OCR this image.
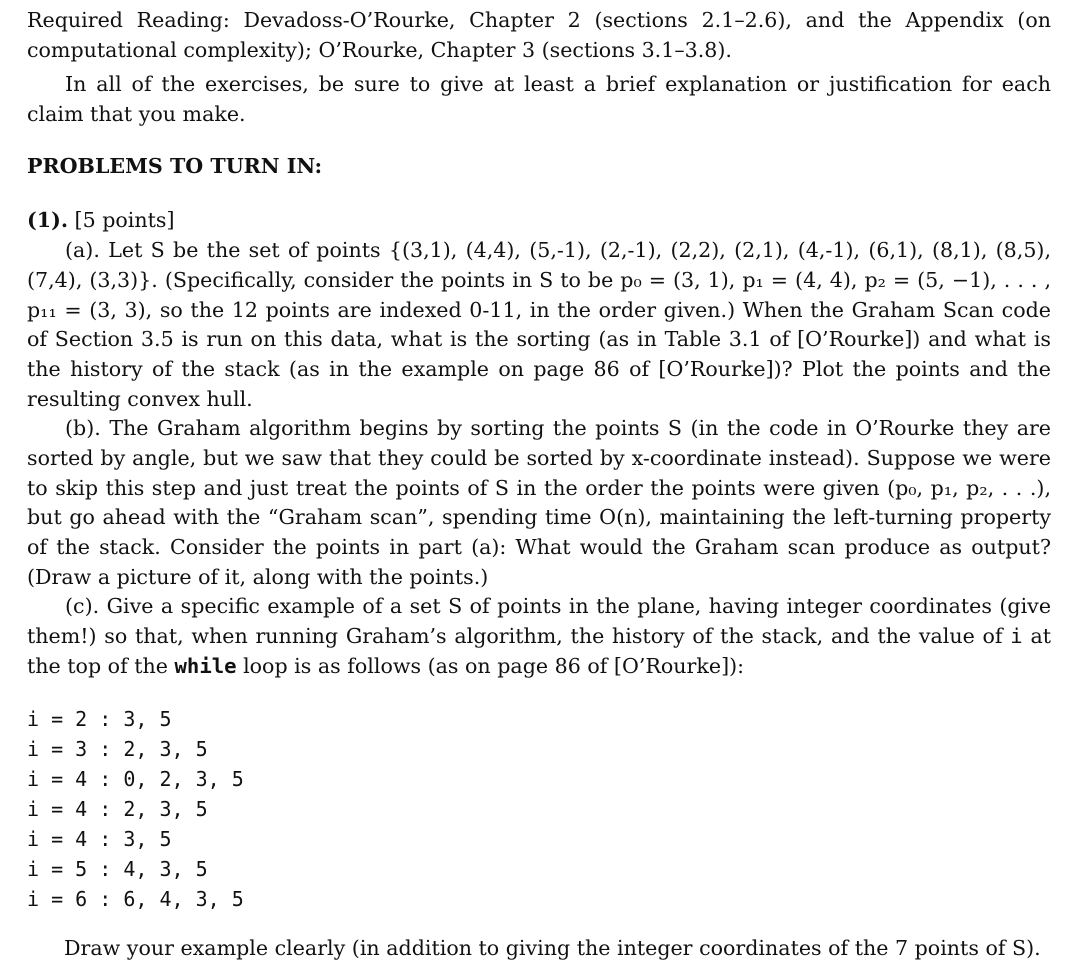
Required Reading: Devadoss-O’Rourke, Chapter 2 (sections 2.1–2.6), and the Appendix (on computational complexity); O’Rourke, Chapter 3 (sections 3.1–3.8).
In all of the exercises, be sure to give at least a brief explanation or justification for each claim that you make.
PROBLEMS TO TURN IN:
(1). [5 points]
(a). Let S be the set of points {(3,1), (4,4), (5,-1), (2,-1), (2,2), (2,1), (4,-1), (6,1), (8,1), (8,5), (7,4), (3,3)}. (Specifically, consider the points in S to be p₀ = (3, 1), p₁ = (4, 4), p₂ = (5, −1), . . . , p₁₁ = (3, 3), so the 12 points are indexed 0-11, in the order given.) When the Graham Scan code of Section 3.5 is run on this data, what is the sorting (as in Table 3.1 of [O’Rourke]) and what is the history of the stack (as in the example on page 86 of [O’Rourke])? Plot the points and the resulting convex hull.
(b). The Graham algorithm begins by sorting the points S (in the code in O’Rourke they are sorted by angle, but we saw that they could be sorted by x-coordinate instead). Suppose we were to skip this step and just treat the points of S in the order the points were given (p₀, p₁, p₂, . . .), but go ahead with the “Graham scan”, spending time O(n), maintaining the left-turning property of the stack. Consider the points in part (a): What would the Graham scan produce as output? (Draw a picture of it, along with the points.)
(c). Give a specific example of a set S of points in the plane, having integer coordinates (give them!) so that, when running Graham’s algorithm, the history of the stack, and the value of i at the top of the while loop is as follows (as on page 86 of [O’Rourke]):
i = 2 : 3, 5
i = 3 : 2, 3, 5
i = 4 : 0, 2, 3, 5
i = 4 : 2, 3, 5
i = 4 : 3, 5
i = 5 : 4, 3, 5
i = 6 : 6, 4, 3, 5
Draw your example clearly (in addition to giving the integer coordinates of the 7 points of S).
